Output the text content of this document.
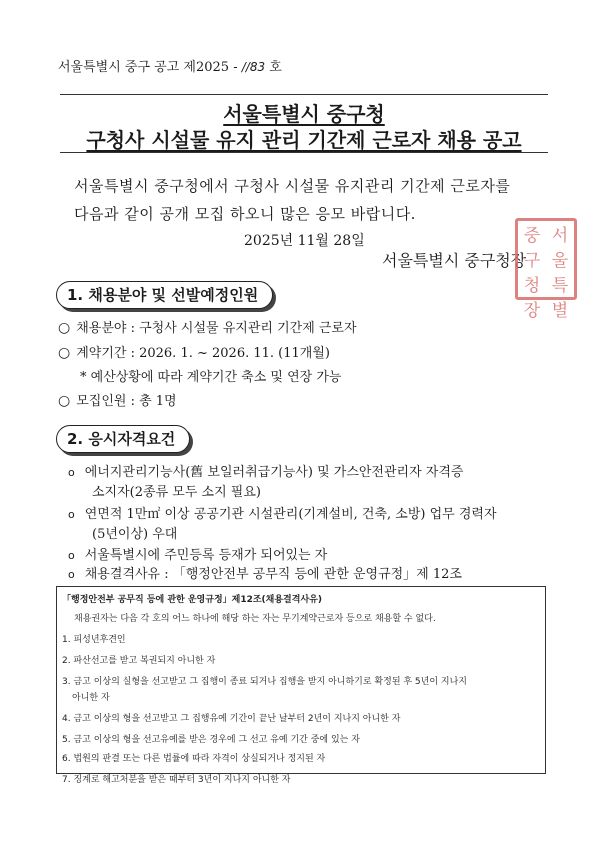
서울특별시 중구 공고 제2025 - //83 호
서울특별시 중구청
구청사 시설물 유지 관리 기간제 근로자 채용 공고
서울특별시 중구청에서 구청사 시설물 유지관리 기간제 근로자를
다음과 같이 공개 모집 하오니 많은 응모 바랍니다.
2025년 11월 28일
서울특별시 중구청장
중 서
구 울
청 특
장 별
1. 채용분야 및 선발예정인원
○ 채용분야 : 구청사 시설물 유지관리 기간제 근로자
○ 계약기간 : 2026. 1. ~ 2026. 11. (11개월)
* 예산상황에 따라 계약기간 축소 및 연장 가능
○ 모집인원 : 총 1명
2. 응시자격요건
o 에너지관리기능사(舊 보일러취급기능사) 및 가스안전관리자 자격증
소지자(2종류 모두 소지 필요)
o 연면적 1만㎡ 이상 공공기관 시설관리(기계설비, 건축, 소방) 업무 경력자
(5년이상) 우대
o 서울특별시에 주민등록 등재가 되어있는 자
o 채용결격사유 : 「행정안전부 공무직 등에 관한 운영규정」제 12조
「행정안전부 공무직 등에 관한 운영규정」제12조(채용결격사유)
채용권자는 다음 각 호의 어느 하나에 해당 하는 자는 무기계약근로자 등으로 채용할 수 없다.
1. 피성년후견인
2. 파산선고를 받고 복권되지 아니한 자
3. 금고 이상의 실형을 선고받고 그 집행이 종료 되거나 집행을 받지 아니하기로 확정된 후 5년이 지나지
아니한 자
4. 금고 이상의 형을 선고받고 그 집행유예 기간이 끝난 날부터 2년이 지나지 아니한 자
5. 금고 이상의 형을 선고유예를 받은 경우에 그 선고 유예 기간 중에 있는 자
6. 법원의 판결 또는 다른 법률에 따라 자격이 상실되거나 정지된 자
7. 징계로 해고처분을 받은 때부터 3년이 지나지 아니한 자
